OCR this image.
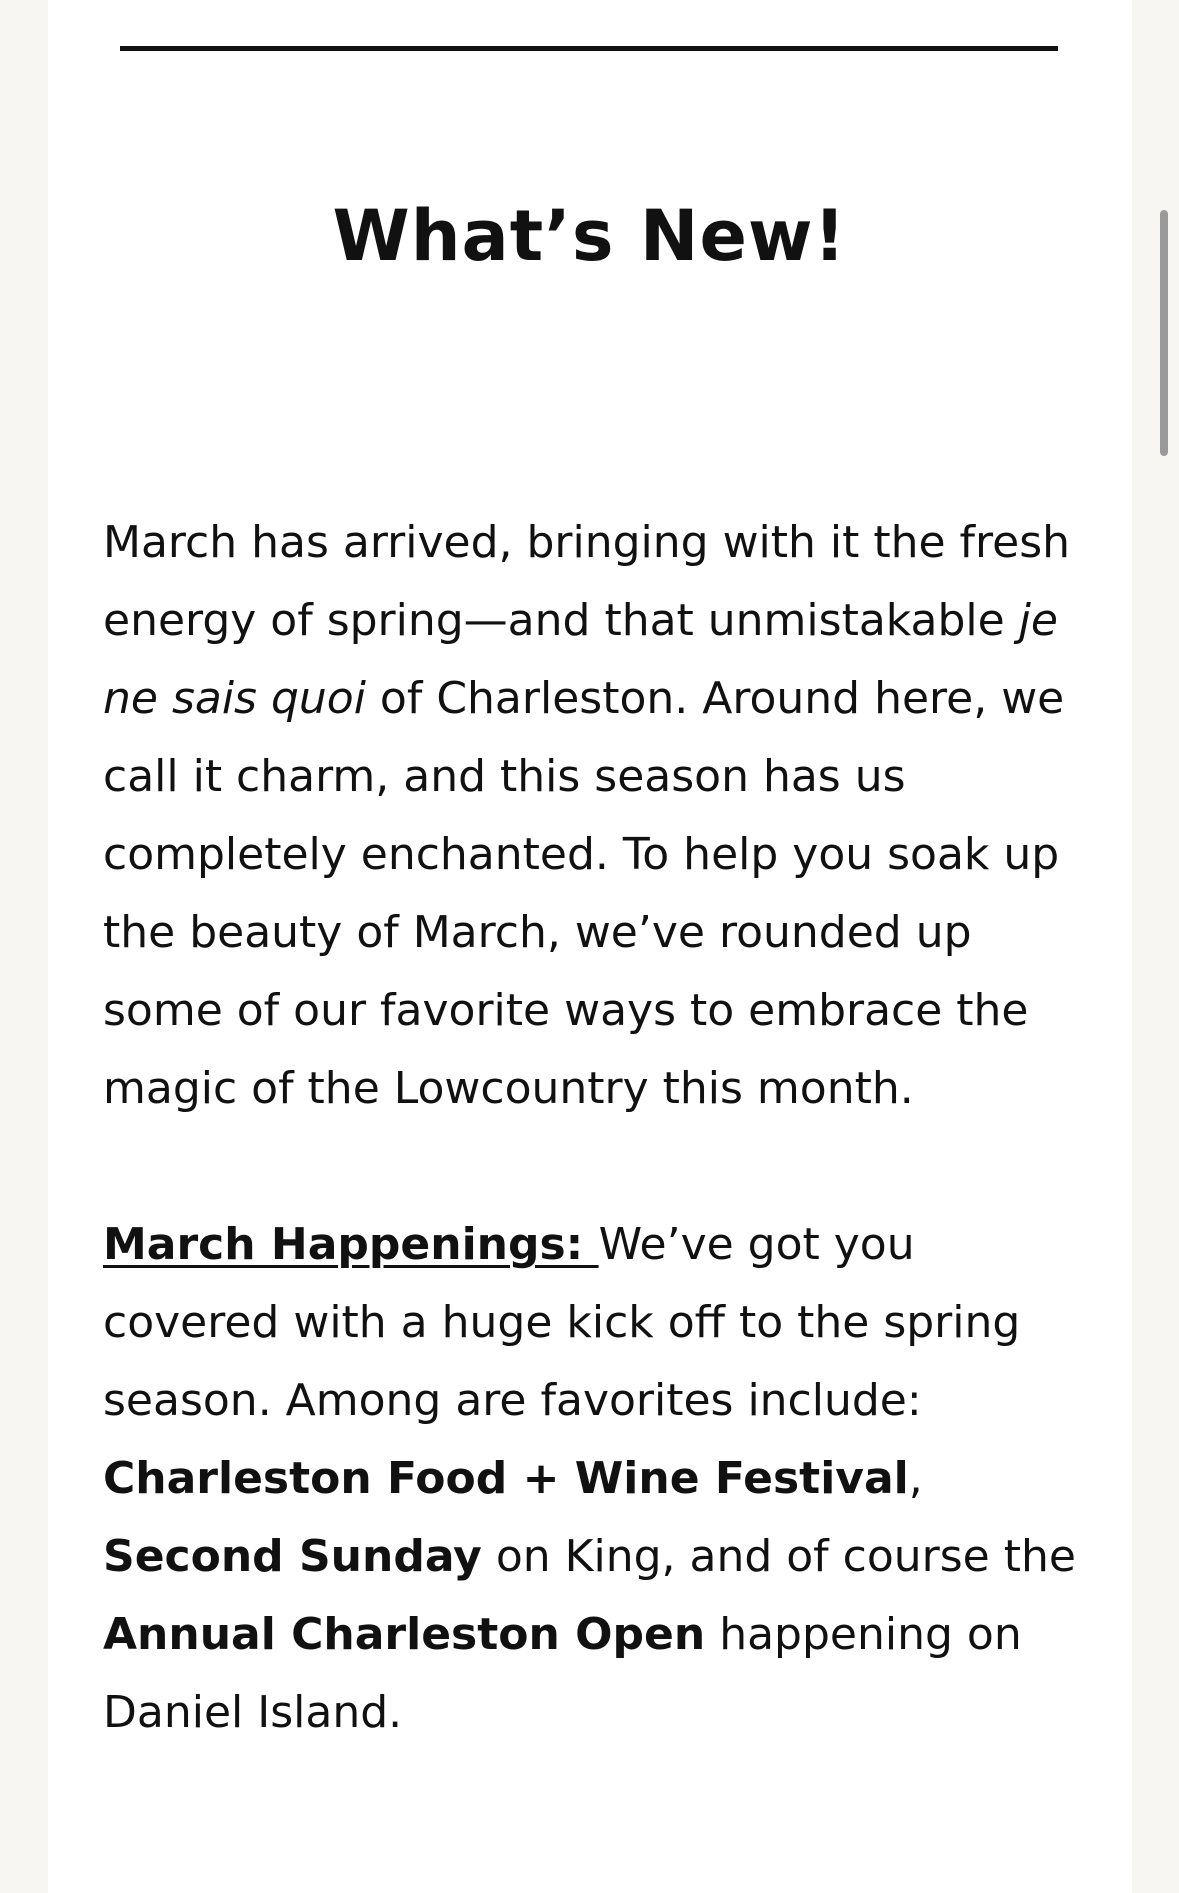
What’s New!

March has arrived, bringing with it the fresh energy of spring—and that unmistakable je ne sais quoi of Charleston. Around here, we call it charm, and this season has us completely enchanted. To help you soak up the beauty of March, we’ve rounded up some of our favorite ways to embrace the magic of the Lowcountry this month.

March Happenings: We’ve got you covered with a huge kick off to the spring season. Among are favorites include: Charleston Food + Wine Festival, Second Sunday on King, and of course the Annual Charleston Open happening on Daniel Island.
